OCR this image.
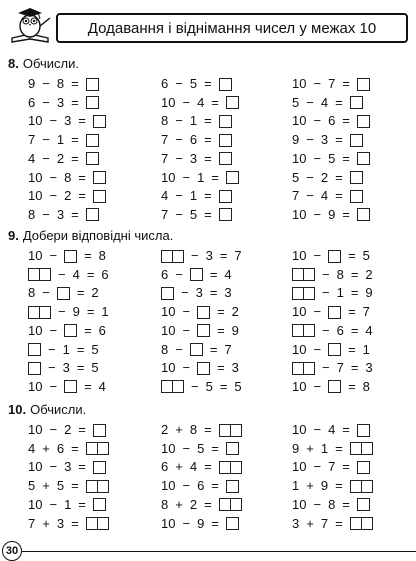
Додавання і віднімання чисел у межах 10
8. Обчисли.
9 − 8 =
6 − 3 =
10 − 3 =
7 − 1 =
4 − 2 =
10 − 8 =
10 − 2 =
8 − 3 =
6 − 5 =
10 − 4 =
8 − 1 =
7 − 6 =
7 − 3 =
10 − 1 =
4 − 1 =
7 − 5 =
10 − 7 =
5 − 4 =
10 − 6 =
9 − 3 =
10 − 5 =
5 − 2 =
7 − 4 =
10 − 9 =
9. Добери відповідні числа.
10 − = 8
− 4 = 6
8 − = 2
− 9 = 1
10 − = 6
− 1 = 5
− 3 = 5
10 − = 4
− 3 = 7
6 − = 4
− 3 = 3
10 − = 2
10 − = 9
8 − = 7
10 − = 3
− 5 = 5
10 − = 5
− 8 = 2
− 1 = 9
10 − = 7
− 6 = 4
10 − = 1
− 7 = 3
10 − = 8
10. Обчисли.
10 − 2 =
4 + 6 =
10 − 3 =
5 + 5 =
10 − 1 =
7 + 3 =
2 + 8 =
10 − 5 =
6 + 4 =
10 − 6 =
8 + 2 =
10 − 9 =
10 − 4 =
9 + 1 =
10 − 7 =
1 + 9 =
10 − 8 =
3 + 7 =
30
